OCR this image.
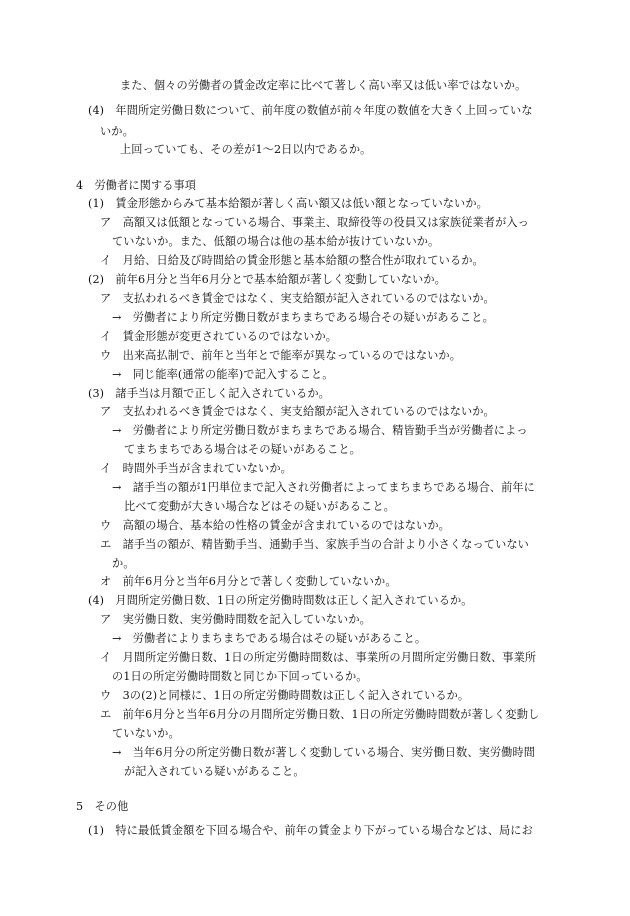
また、個々の労働者の賃金改定率に比べて著しく高い率又は低い率ではないか。
(4)　年間所定労働日数について、前年度の数値が前々年度の数値を大きく上回っていな
いか。
上回っていても、その差が1～2日以内であるか。
4　労働者に関する事項
(1)　賃金形態からみて基本給額が著しく高い額又は低い額となっていないか。
ア　高額又は低額となっている場合、事業主、取締役等の役員又は家族従業者が入っ
ていないか。また、低額の場合は他の基本給が抜けていないか。
イ　月給、日給及び時間給の賃金形態と基本給額の整合性が取れているか。
(2)　前年6月分と当年6月分とで基本給額が著しく変動していないか。
ア　支払われるべき賃金ではなく、実支給額が記入されているのではないか。
→　労働者により所定労働日数がまちまちである場合その疑いがあること。
イ　賃金形態が変更されているのではないか。
ウ　出来高払制で、前年と当年とで能率が異なっているのではないか。
→　同じ能率(通常の能率)で記入すること。
(3)　諸手当は月額で正しく記入されているか。
ア　支払われるべき賃金ではなく、実支給額が記入されているのではないか。
→　労働者により所定労働日数がまちまちである場合、精皆勤手当が労働者によっ
てまちまちである場合はその疑いがあること。
イ　時間外手当が含まれていないか。
→　諸手当の額が1円単位まで記入され労働者によってまちまちである場合、前年に
比べて変動が大きい場合などはその疑いがあること。
ウ　高額の場合、基本給の性格の賃金が含まれているのではないか。
エ　諸手当の額が、精皆勤手当、通勤手当、家族手当の合計より小さくなっていない
か。
オ　前年6月分と当年6月分とで著しく変動していないか。
(4)　月間所定労働日数、1日の所定労働時間数は正しく記入されているか。
ア　実労働日数、実労働時間数を記入していないか。
→　労働者によりまちまちである場合はその疑いがあること。
イ　月間所定労働日数、1日の所定労働時間数は、事業所の月間所定労働日数、事業所
の1日の所定労働時間数と同じか下回っているか。
ウ　3の(2)と同様に、1日の所定労働時間数は正しく記入されているか。
エ　前年6月分と当年6月分の月間所定労働日数、1日の所定労働時間数が著しく変動し
ていないか。
→　当年6月分の所定労働日数が著しく変動している場合、実労働日数、実労働時間
が記入されている疑いがあること。
5　その他
(1)　特に最低賃金額を下回る場合や、前年の賃金より下がっている場合などは、局にお
